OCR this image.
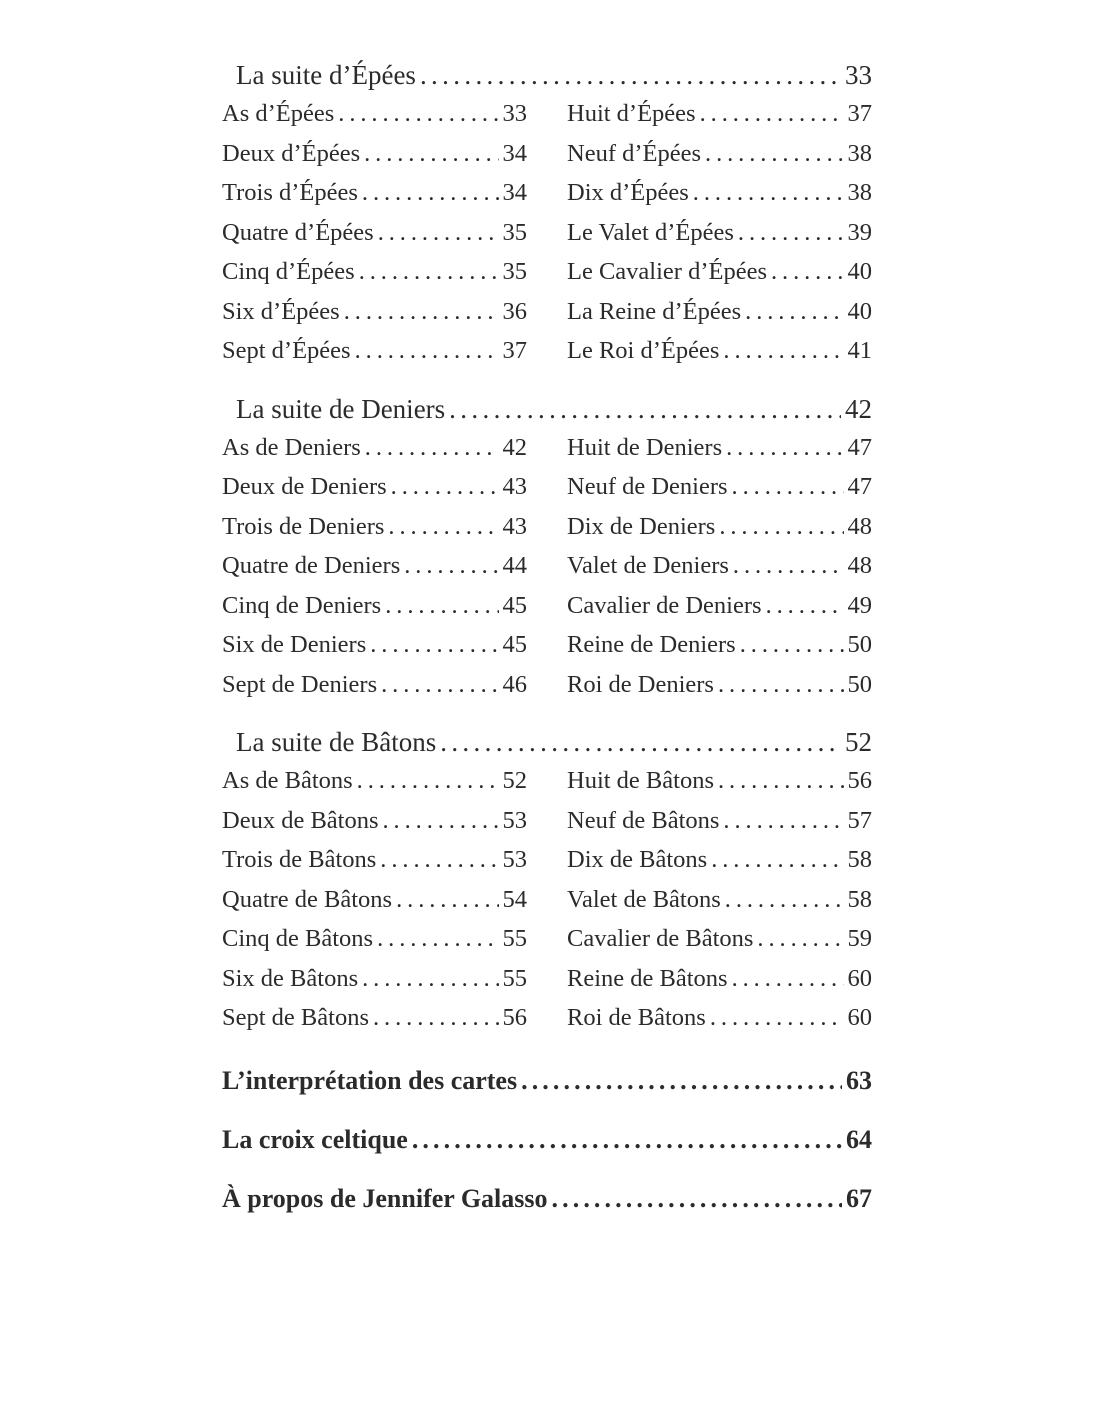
La suite d’Épées . . .	33
As d’Épées . . .	33
Deux d’Épées . . .	34
Trois d’Épées . . .	34
Quatre d’Épées . . .	35
Cinq d’Épées . . .	35
Six d’Épées . . .	36
Sept d’Épées . . .	37
Huit d’Épées . . .	37
Neuf d’Épées . . .	38
Dix d’Épées . . .	38
Le Valet d’Épées . . .	39
Le Cavalier d’Épées . . .	40
La Reine d’Épées . . .	40
Le Roi d’Épées . . .	41
La suite de Deniers . . .	42
As de Deniers . . .	42
Deux de Deniers . . .	43
Trois de Deniers . . .	43
Quatre de Deniers . . .	44
Cinq de Deniers . . .	45
Six de Deniers . . .	45
Sept de Deniers . . .	46
Huit de Deniers . . .	47
Neuf de Deniers . . .	47
Dix de Deniers . . .	48
Valet de Deniers . . .	48
Cavalier de Deniers . . .	49
Reine de Deniers . . .	50
Roi de Deniers . . .	50
La suite de Bâtons . . .	52
As de Bâtons . . .	52
Deux de Bâtons . . .	53
Trois de Bâtons . . .	53
Quatre de Bâtons . . .	54
Cinq de Bâtons . . .	55
Six de Bâtons . . .	55
Sept de Bâtons . . .	56
Huit de Bâtons . . .	56
Neuf de Bâtons . . .	57
Dix de Bâtons . . .	58
Valet de Bâtons . . .	58
Cavalier de Bâtons . . .	59
Reine de Bâtons . . .	60
Roi de Bâtons . . .	60
L’interprétation des cartes . . .	63
La croix celtique . . .	64
À propos de Jennifer Galasso . . .	67
